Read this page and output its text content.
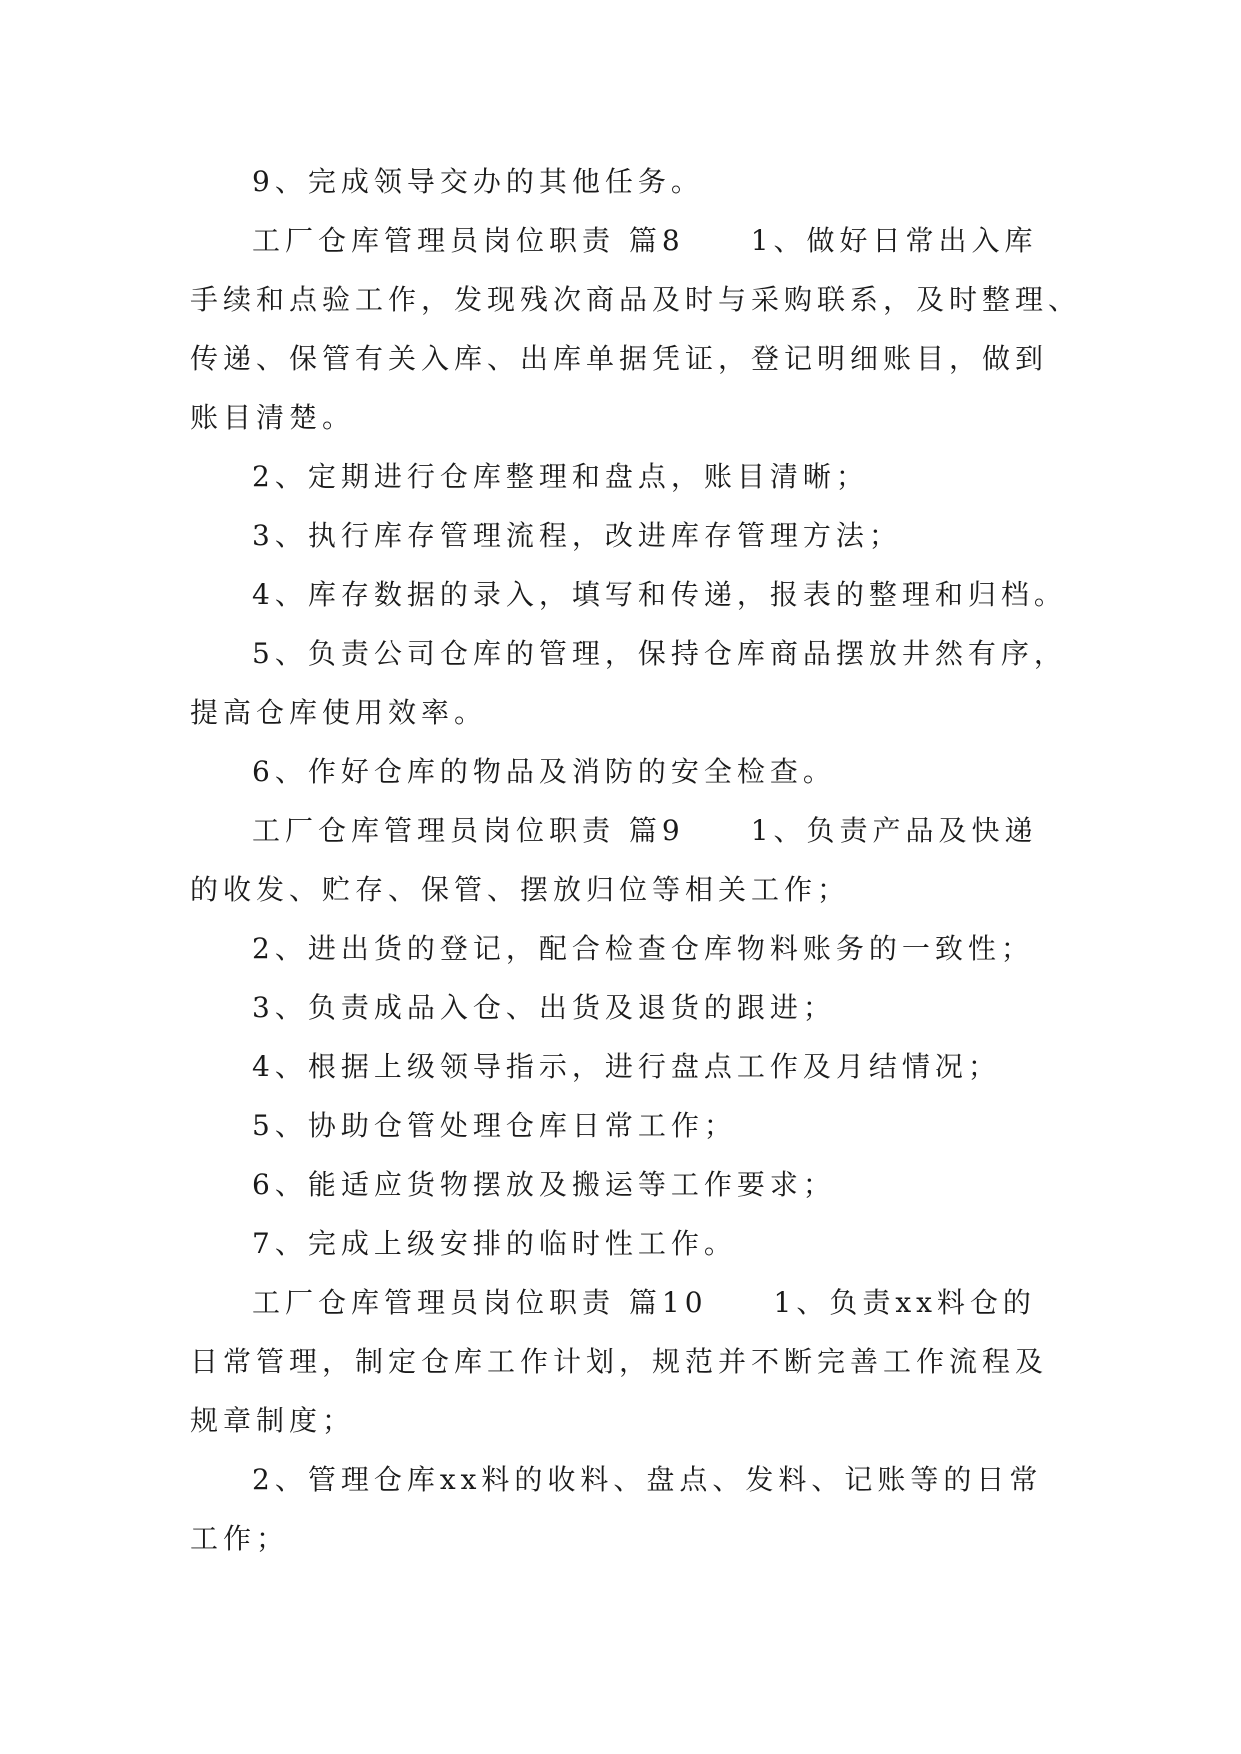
9、完成领导交办的其他任务。
工厂仓库管理员岗位职责 篇8　　1、做好日常出入库
手续和点验工作，发现残次商品及时与采购联系，及时整理、
传递、保管有关入库、出库单据凭证，登记明细账目，做到
账目清楚。
2、定期进行仓库整理和盘点，账目清晰；
3、执行库存管理流程，改进库存管理方法；
4、库存数据的录入，填写和传递，报表的整理和归档。
5、负责公司仓库的管理，保持仓库商品摆放井然有序，
提高仓库使用效率。
6、作好仓库的物品及消防的安全检查。
工厂仓库管理员岗位职责 篇9　　1、负责产品及快递
的收发、贮存、保管、摆放归位等相关工作；
2、进出货的登记，配合检查仓库物料账务的一致性；
3、负责成品入仓、出货及退货的跟进；
4、根据上级领导指示，进行盘点工作及月结情况；
5、协助仓管处理仓库日常工作；
6、能适应货物摆放及搬运等工作要求；
7、完成上级安排的临时性工作。
工厂仓库管理员岗位职责 篇10　　1、负责xx料仓的
日常管理，制定仓库工作计划，规范并不断完善工作流程及
规章制度；
2、管理仓库xx料的收料、盘点、发料、记账等的日常
工作；
